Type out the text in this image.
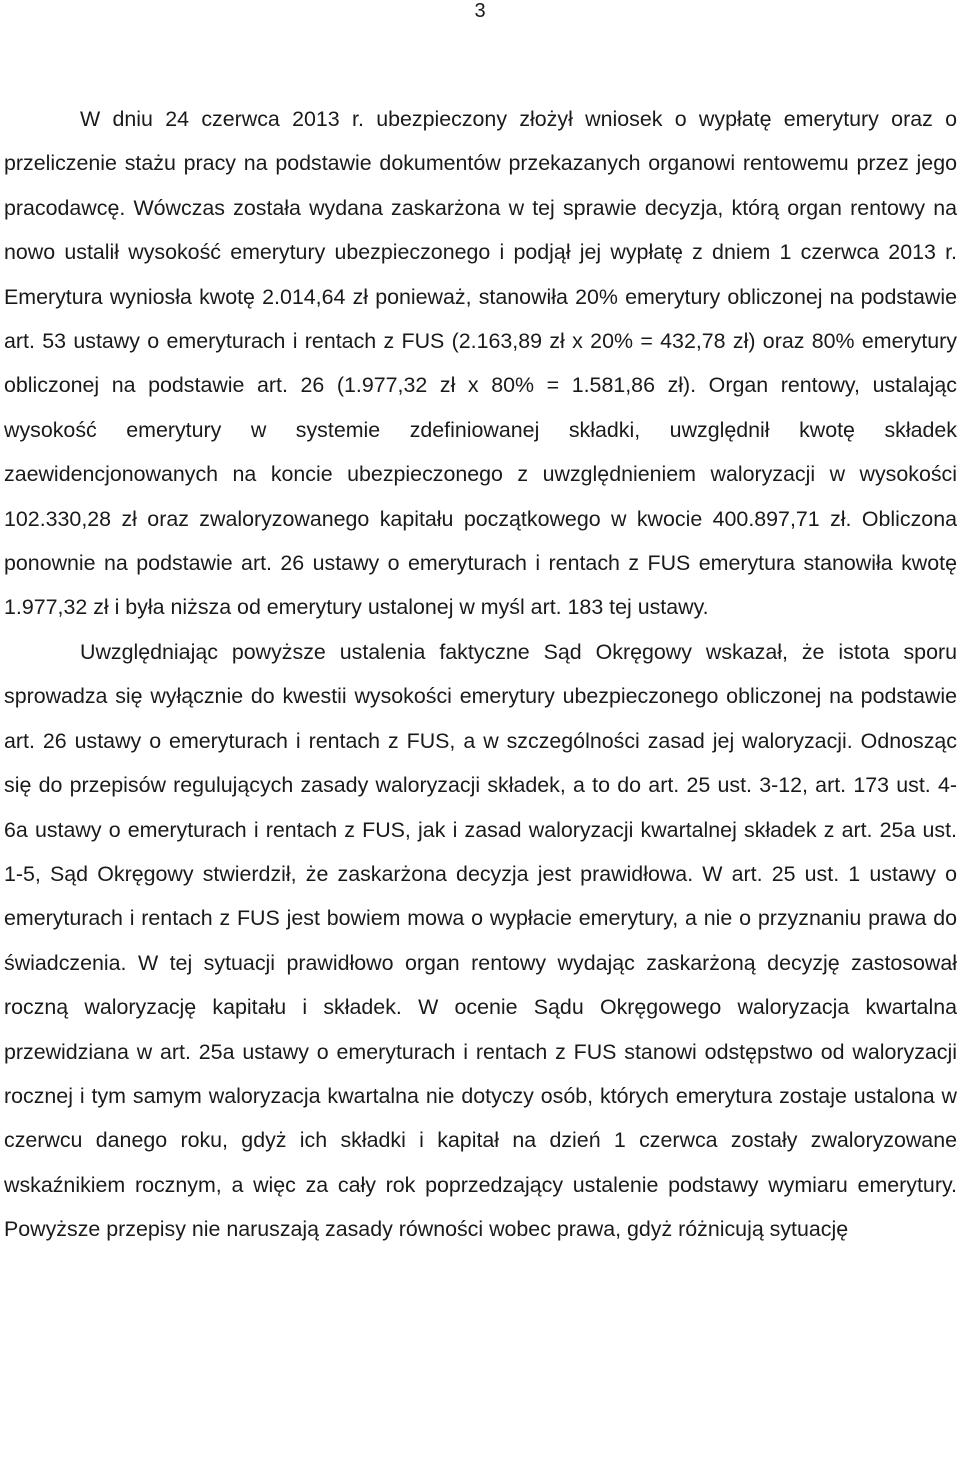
3

W dniu 24 czerwca 2013 r. ubezpieczony złożył wniosek o wypłatę emerytury oraz o przeliczenie stażu pracy na podstawie dokumentów przekazanych organowi rentowemu przez jego pracodawcę. Wówczas została wydana zaskarżona w tej sprawie decyzja, którą organ rentowy na nowo ustalił wysokość emerytury ubezpieczonego i podjął jej wypłatę z dniem 1 czerwca 2013 r. Emerytura wyniosła kwotę 2.014,64 zł ponieważ, stanowiła 20% emerytury obliczonej na podstawie art. 53 ustawy o emeryturach i rentach z FUS (2.163,89 zł x 20% = 432,78 zł) oraz 80% emerytury obliczonej na podstawie art. 26 (1.977,32 zł x 80% = 1.581,86 zł). Organ rentowy, ustalając wysokość emerytury w systemie zdefiniowanej składki, uwzględnił kwotę składek zaewidencjonowanych na koncie ubezpieczonego z uwzględnieniem waloryzacji w wysokości 102.330,28 zł oraz zwaloryzowanego kapitału początkowego w kwocie 400.897,71 zł. Obliczona ponownie na podstawie art. 26 ustawy o emeryturach i rentach z FUS emerytura stanowiła kwotę 1.977,32 zł i była niższa od emerytury ustalonej w myśl art. 183 tej ustawy.

Uwzględniając powyższe ustalenia faktyczne Sąd Okręgowy wskazał, że istota sporu sprowadza się wyłącznie do kwestii wysokości emerytury ubezpieczonego obliczonej na podstawie art. 26 ustawy o emeryturach i rentach z FUS, a w szczególności zasad jej waloryzacji. Odnosząc się do przepisów regulujących zasady waloryzacji składek, a to do art. 25 ust. 3-12, art. 173 ust. 4-6a ustawy o emeryturach i rentach z FUS, jak i zasad waloryzacji kwartalnej składek z art. 25a ust. 1-5, Sąd Okręgowy stwierdził, że zaskarżona decyzja jest prawidłowa. W art. 25 ust. 1 ustawy o emeryturach i rentach z FUS jest bowiem mowa o wypłacie emerytury, a nie o przyznaniu prawa do świadczenia. W tej sytuacji prawidłowo organ rentowy wydając zaskarżoną decyzję zastosował roczną waloryzację kapitału i składek. W ocenie Sądu Okręgowego waloryzacja kwartalna przewidziana w art. 25a ustawy o emeryturach i rentach z FUS stanowi odstępstwo od waloryzacji rocznej i tym samym waloryzacja kwartalna nie dotyczy osób, których emerytura zostaje ustalona w czerwcu danego roku, gdyż ich składki i kapitał na dzień 1 czerwca zostały zwaloryzowane wskaźnikiem rocznym, a więc za cały rok poprzedzający ustalenie podstawy wymiaru emerytury. Powyższe przepisy nie naruszają zasady równości wobec prawa, gdyż różnicują sytuację
